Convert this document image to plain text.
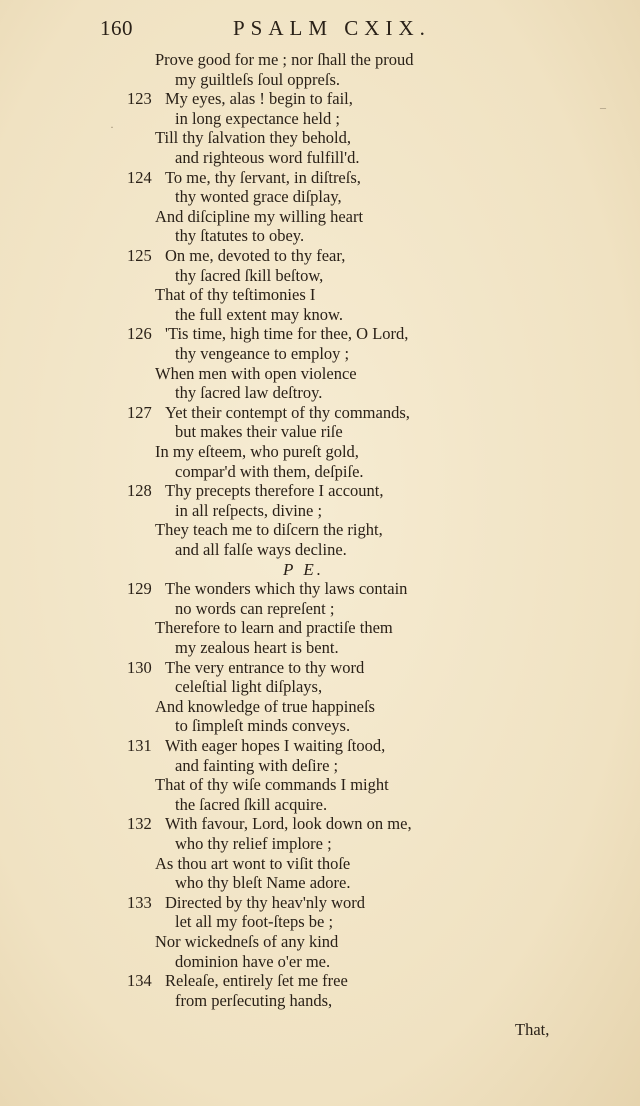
160	PSALM CXIX.
Prove good for me ; nor ſhall the proud
my guiltleſs ſoul oppreſs.
123 My eyes, alas ! begin to fail,
in long expectance held ;
Till thy ſalvation they behold,
and righteous word fulfill'd.
124 To me, thy ſervant, in diſtreſs,
thy wonted grace diſplay,
And diſcipline my willing heart
thy ſtatutes to obey.
125 On me, devoted to thy fear,
thy ſacred ſkill beſtow,
That of thy teſtimonies I
the full extent may know.
126 'Tis time, high time for thee, O Lord,
thy vengeance to employ ;
When men with open violence
thy ſacred law deſtroy.
127 Yet their contempt of thy commands,
but makes their value riſe
In my eſteem, who pureſt gold,
compar'd with them, deſpiſe.
128 Thy precepts therefore I account,
in all reſpects, divine ;
They teach me to diſcern the right,
and all falſe ways decline.
P E.
129 The wonders which thy laws contain
no words can repreſent ;
Therefore to learn and practiſe them
my zealous heart is bent.
130 The very entrance to thy word
celeſtial light diſplays,
And knowledge of true happineſs
to ſimpleſt minds conveys.
131 With eager hopes I waiting ſtood,
and fainting with deſire ;
That of thy wiſe commands I might
the ſacred ſkill acquire.
132 With favour, Lord, look down on me,
who thy relief implore ;
As thou art wont to viſit thoſe
who thy bleſt Name adore.
133 Directed by thy heav'nly word
let all my foot-ſteps be ;
Nor wickedneſs of any kind
dominion have o'er me.
134 Releaſe, entirely ſet me free
from perſecuting hands,
That,
–
·
